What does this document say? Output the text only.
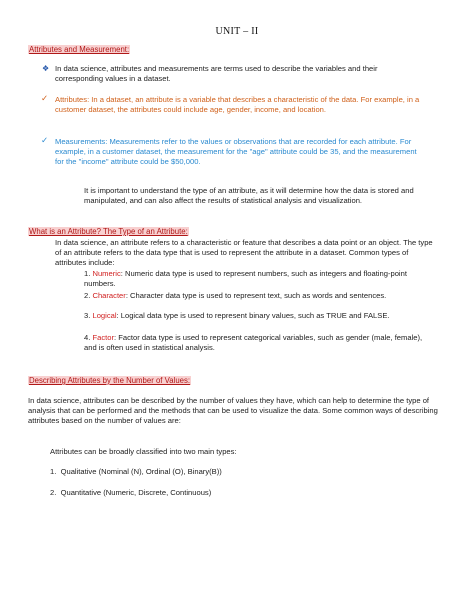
UNIT – II
Attributes and Measurement:
❖ In data science, attributes and measurements are terms used to describe the variables and their corresponding values in a dataset.
✓ Attributes: In a dataset, an attribute is a variable that describes a characteristic of the data. For example, in a customer dataset, the attributes could include age, gender, income, and location.
✓ Measurements: Measurements refer to the values or observations that are recorded for each attribute. For example, in a customer dataset, the measurement for the "age" attribute could be 35, and the measurement for the "income" attribute could be $50,000.
It is important to understand the type of an attribute, as it will determine how the data is stored and manipulated, and can also affect the results of statistical analysis and visualization.
What is an Attribute? The Type of an Attribute:
In data science, an attribute refers to a characteristic or feature that describes a data point or an object. The type of an attribute refers to the data type that is used to represent the attribute in a dataset. Common types of attributes include:
1. Numeric: Numeric data type is used to represent numbers, such as integers and floating-point numbers.
2. Character: Character data type is used to represent text, such as words and sentences.
3. Logical: Logical data type is used to represent binary values, such as TRUE and FALSE.
4. Factor: Factor data type is used to represent categorical variables, such as gender (male, female), and is often used in statistical analysis.
Describing Attributes by the Number of Values:
In data science, attributes can be described by the number of values they have, which can help to determine the type of analysis that can be performed and the methods that can be used to visualize the data. Some common ways of describing attributes based on the number of values are:
Attributes can be broadly classified into two main types:
1. Qualitative (Nominal (N), Ordinal (O), Binary(B))
2. Quantitative (Numeric, Discrete, Continuous)
